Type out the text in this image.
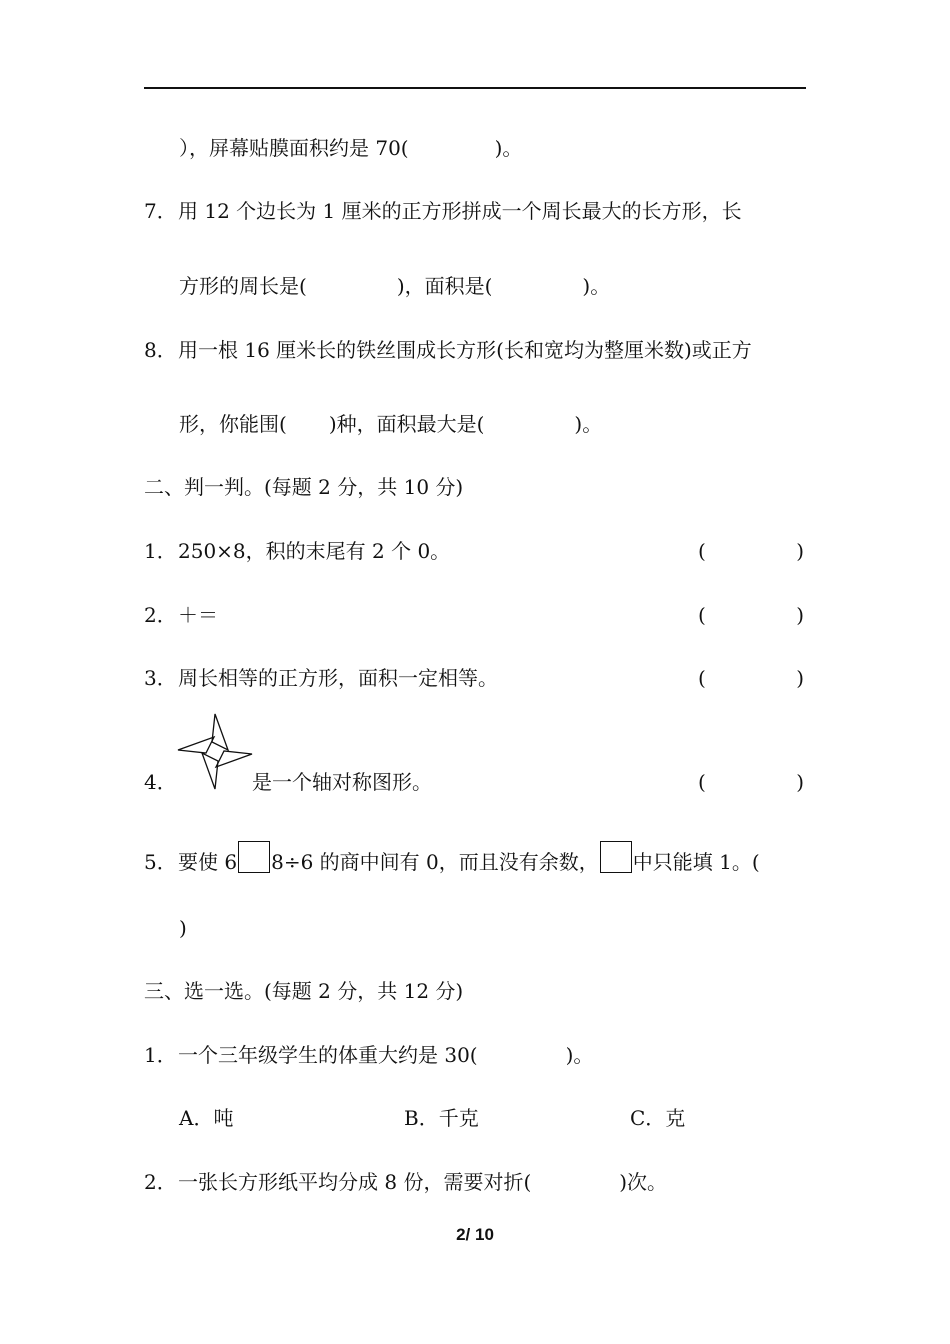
），屏幕贴膜面积约是 70(	)。
7．用 12 个边长为 1 厘米的正方形拼成一个周长最大的长方形，长
方形的周长是(	)，面积是(	)。
8．用一根 16 厘米长的铁丝围成长方形(长和宽均为整厘米数)或正方
形，你能围( )种，面积最大是(	)。
二、判一判。(每题 2 分，共 10 分)
1．250×8，积的末尾有 2 个 0。	(	)
2．＋＝	(	)
3．周长相等的正方形，面积一定相等。	(	)
4．	是一个轴对称图形。	(	)
5．要使 6 8÷6 的商中间有 0，而且没有余数， 中只能填 1。(
)
三、选一选。(每题 2 分，共 12 分)
1．一个三年级学生的体重大约是 30(	)。
A．吨	B．千克	C．克
2．一张长方形纸平均分成 8 份，需要对折(	)次。
2/ 10
